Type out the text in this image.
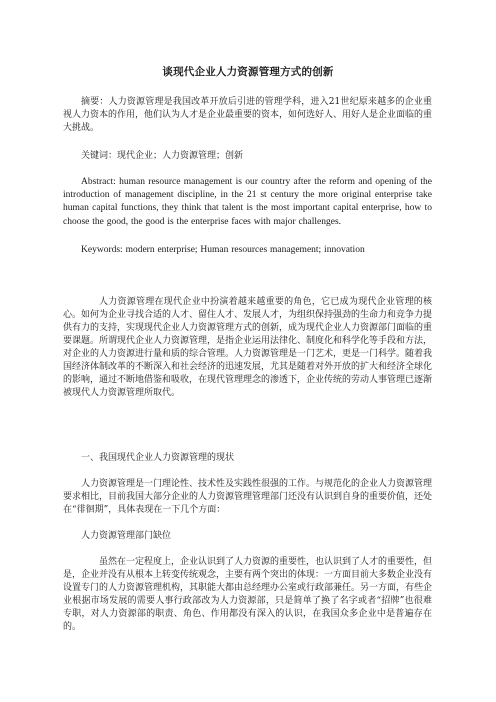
谈现代企业人力资源管理方式的创新

摘要：人力资源管理是我国改革开放后引进的管理学科，进入21世纪原来越多的企业重视人力资本的作用，他们认为人才是企业最重要的资本，如何选好人、用好人是企业面临的重大挑战。

关键词：现代企业；人力资源管理；创新

Abstract: human resource management is our country after the reform and opening of the introduction of management discipline, in the 21 st century the more original enterprise take human capital functions, they think that talent is the most important capital enterprise, how to choose the good, the good is the enterprise faces with major challenges.

Keywords: modern enterprise; Human resources management; innovation

人力资源管理在现代企业中扮演着越来越重要的角色，它已成为现代企业管理的核心。如何为企业寻找合适的人才、留住人才、发展人才，为组织保持强劲的生命力和竞争力提供有力的支持，实现现代企业人力资源管理方式的创新，成为现代企业人力资源部门面临的重要课题。所谓现代企业人力资源管理，是指企业运用法律化、制度化和科学化等手段和方法，对企业的人力资源进行量和质的综合管理。人力资源管理是一门艺术，更是一门科学。随着我国经济体制改革的不断深入和社会经济的迅速发展，尤其是随着对外开放的扩大和经济全球化的影响，通过不断地借鉴和吸收，在现代管理理念的渗透下，企业传统的劳动人事管理已逐渐被现代人力资源管理所取代。

一、我国现代企业人力资源管理的现状

人力资源管理是一门理论性、技术性及实践性很强的工作。与规范化的企业人力资源管理要求相比，目前我国大部分企业的人力资源管理管理部门还没有认识到自身的重要价值，还处在“徘徊期”，具体表现在一下几个方面：

人力资源管理部门缺位

虽然在一定程度上，企业认识到了人力资源的重要性，也认识到了人才的重要性，但是，企业并没有从根本上转变传统观念，主要有两个突出的体现：一方面目前大多数企业没有设置专门的人力资源管理机构，其职能大都由总经理办公室或行政部兼任。另一方面，有些企业根据市场发展的需要人事行政部改为人力资源部，只是简单了换了名字或者“招牌”也很难专职，对人力资源部的职责、角色、作用都没有深入的认识，在我国众多企业中是普遍存在的。
